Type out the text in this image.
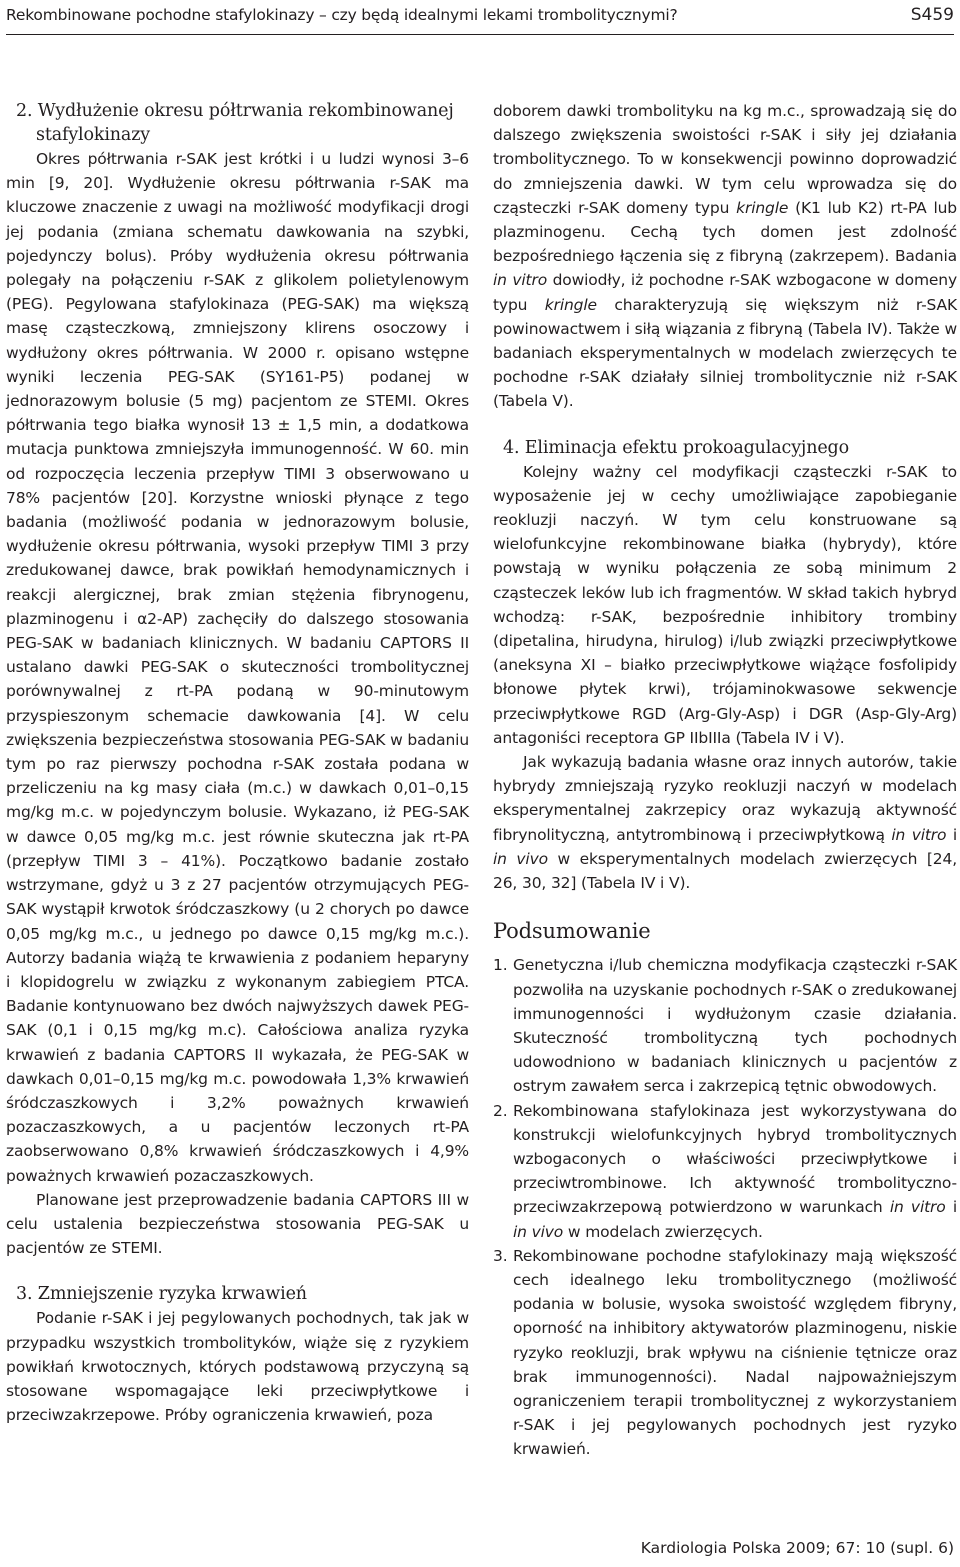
Rekombinowane pochodne stafylokinazy – czy będą idealnymi lekami trombolitycznymi?	S459
2. Wydłużenie okresu półtrwania rekombinowanej stafylokinazy

Okres półtrwania r-SAK jest krótki i u ludzi wynosi 3–6 min [9, 20]. Wydłużenie okresu półtrwania r-SAK ma kluczowe znaczenie z uwagi na możliwość modyfikacji drogi jej podania (zmiana schematu dawkowania na szybki, pojedynczy bolus). Próby wydłużenia okresu półtrwania polegały na połączeniu r-SAK z glikolem polietylenowym (PEG). Pegylowana stafylokinaza (PEG-SAK) ma większą masę cząsteczkową, zmniejszony klirens osoczowy i wydłużony okres półtrwania. W 2000 r. opisano wstępne wyniki leczenia PEG-SAK (SY161-P5) podanej w jednorazowym bolusie (5 mg) pacjentom ze STEMI. Okres półtrwania tego białka wynosił 13 ± 1,5 min, a dodatkowa mutacja punktowa zmniejszyła immunogenność. W 60. min od rozpoczęcia leczenia przepływ TIMI 3 obserwowano u 78% pacjentów [20]. Korzystne wnioski płynące z tego badania (możliwość podania w jednorazowym bolusie, wydłużenie okresu półtrwania, wysoki przepływ TIMI 3 przy zredukowanej dawce, brak powikłań hemodynamicznych i reakcji alergicznej, brak zmian stężenia fibrynogenu, plazminogenu i α2-AP) zachęciły do dalszego stosowania PEG-SAK w badaniach klinicznych. W badaniu CAPTORS II ustalano dawki PEG-SAK o skuteczności trombolitycznej porównywalnej z rt-PA podaną w 90-minutowym przyspieszonym schemacie dawkowania [4]. W celu zwiększenia bezpieczeństwa stosowania PEG-SAK w badaniu tym po raz pierwszy pochodna r-SAK została podana w przeliczeniu na kg masy ciała (m.c.) w dawkach 0,01–0,15 mg/kg m.c. w pojedynczym bolusie. Wykazano, iż PEG-SAK w dawce 0,05 mg/kg m.c. jest równie skuteczna jak rt-PA (przepływ TIMI 3 – 41%). Początkowo badanie zostało wstrzymane, gdyż u 3 z 27 pacjentów otrzymujących PEG-SAK wystąpił krwotok śródczaszkowy (u 2 chorych po dawce 0,05 mg/kg m.c., u jednego po dawce 0,15 mg/kg m.c.). Autorzy badania wiążą te krwawienia z podaniem heparyny i klopidogrelu w związku z wykonanym zabiegiem PTCA. Badanie kontynuowano bez dwóch najwyższych dawek PEG-SAK (0,1 i 0,15 mg/kg m.c). Całościowa analiza ryzyka krwawień z badania CAPTORS II wykazała, że PEG-SAK w dawkach 0,01–0,15 mg/kg m.c. powodowała 1,3% krwawień śródczaszkowych i 3,2% poważnych krwawień pozaczaszkowych, a u pacjentów leczonych rt-PA zaobserwowano 0,8% krwawień śródczaszkowych i 4,9% poważnych krwawień pozaczaszkowych.

Planowane jest przeprowadzenie badania CAPTORS III w celu ustalenia bezpieczeństwa stosowania PEG-SAK u pacjentów ze STEMI.

3. Zmniejszenie ryzyka krwawień

Podanie r-SAK i jej pegylowanych pochodnych, tak jak w przypadku wszystkich trombolityków, wiąże się z ryzykiem powikłań krwotocznych, których podstawową przyczyną są stosowane wspomagające leki przeciwpłytkowe i przeciwzakrzepowe. Próby ograniczenia krwawień, poza

doborem dawki trombolityku na kg m.c., sprowadzają się do dalszego zwiększenia swoistości r-SAK i siły jej działania trombolitycznego. To w konsekwencji powinno doprowadzić do zmniejszenia dawki. W tym celu wprowadza się do cząsteczki r-SAK domeny typu kringle (K1 lub K2) rt-PA lub plazminogenu. Cechą tych domen jest zdolność bezpośredniego łączenia się z fibryną (zakrzepem). Badania in vitro dowiodły, iż pochodne r-SAK wzbogacone w domeny typu kringle charakteryzują się większym niż r-SAK powinowactwem i siłą wiązania z fibryną (Tabela IV). Także w badaniach eksperymentalnych w modelach zwierzęcych te pochodne r-SAK działały silniej trombolitycznie niż r-SAK (Tabela V).

4. Eliminacja efektu prokoagulacyjnego

Kolejny ważny cel modyfikacji cząsteczki r-SAK to wyposażenie jej w cechy umożliwiające zapobieganie reokluzji naczyń. W tym celu konstruowane są wielofunkcyjne rekombinowane białka (hybrydy), które powstają w wyniku połączenia ze sobą minimum 2 cząsteczek leków lub ich fragmentów. W skład takich hybryd wchodzą: r-SAK, bezpośrednie inhibitory trombiny (dipetalina, hirudyna, hirulog) i/lub związki przeciwpłytkowe (aneksyna XI – białko przeciwpłytkowe wiążące fosfolipidy błonowe płytek krwi), trójaminokwasowe sekwencje przeciwpłytkowe RGD (Arg-Gly-Asp) i DGR (Asp-Gly-Arg) antagoniści receptora GP IIbIIIa (Tabela IV i V).

Jak wykazują badania własne oraz innych autorów, takie hybrydy zmniejszają ryzyko reokluzji naczyń w modelach eksperymentalnej zakrzepicy oraz wykazują aktywność fibrynolityczną, antytrombinową i przeciwpłytkową in vitro i in vivo w eksperymentalnych modelach zwierzęcych [24, 26, 30, 32] (Tabela IV i V).

Podsumowanie
1. Genetyczna i/lub chemiczna modyfikacja cząsteczki r-SAK pozwoliła na uzyskanie pochodnych r-SAK o zredukowanej immunogenności i wydłużonym czasie działania. Skuteczność trombolityczną tych pochodnych udowodniono w badaniach klinicznych u pacjentów z ostrym zawałem serca i zakrzepicą tętnic obwodowych.
2. Rekombinowana stafylokinaza jest wykorzystywana do konstrukcji wielofunkcyjnych hybryd trombolitycznych wzbogaconych o właściwości przeciwpłytkowe i przeciwtrombinowe. Ich aktywność trombolityczno-przeciwzakrzepową potwierdzono w warunkach in vitro i in vivo w modelach zwierzęcych.
3. Rekombinowane pochodne stafylokinazy mają większość cech idealnego leku trombolitycznego (możliwość podania w bolusie, wysoka swoistość względem fibryny, oporność na inhibitory aktywatorów plazminogenu, niskie ryzyko reokluzji, brak wpływu na ciśnienie tętnicze oraz brak immunogenności). Nadal najpoważniejszym ograniczeniem terapii trombolitycznej z wykorzystaniem r-SAK i jej pegylowanych pochodnych jest ryzyko krwawień.
Kardiologia Polska 2009; 67: 10 (supl. 6)
